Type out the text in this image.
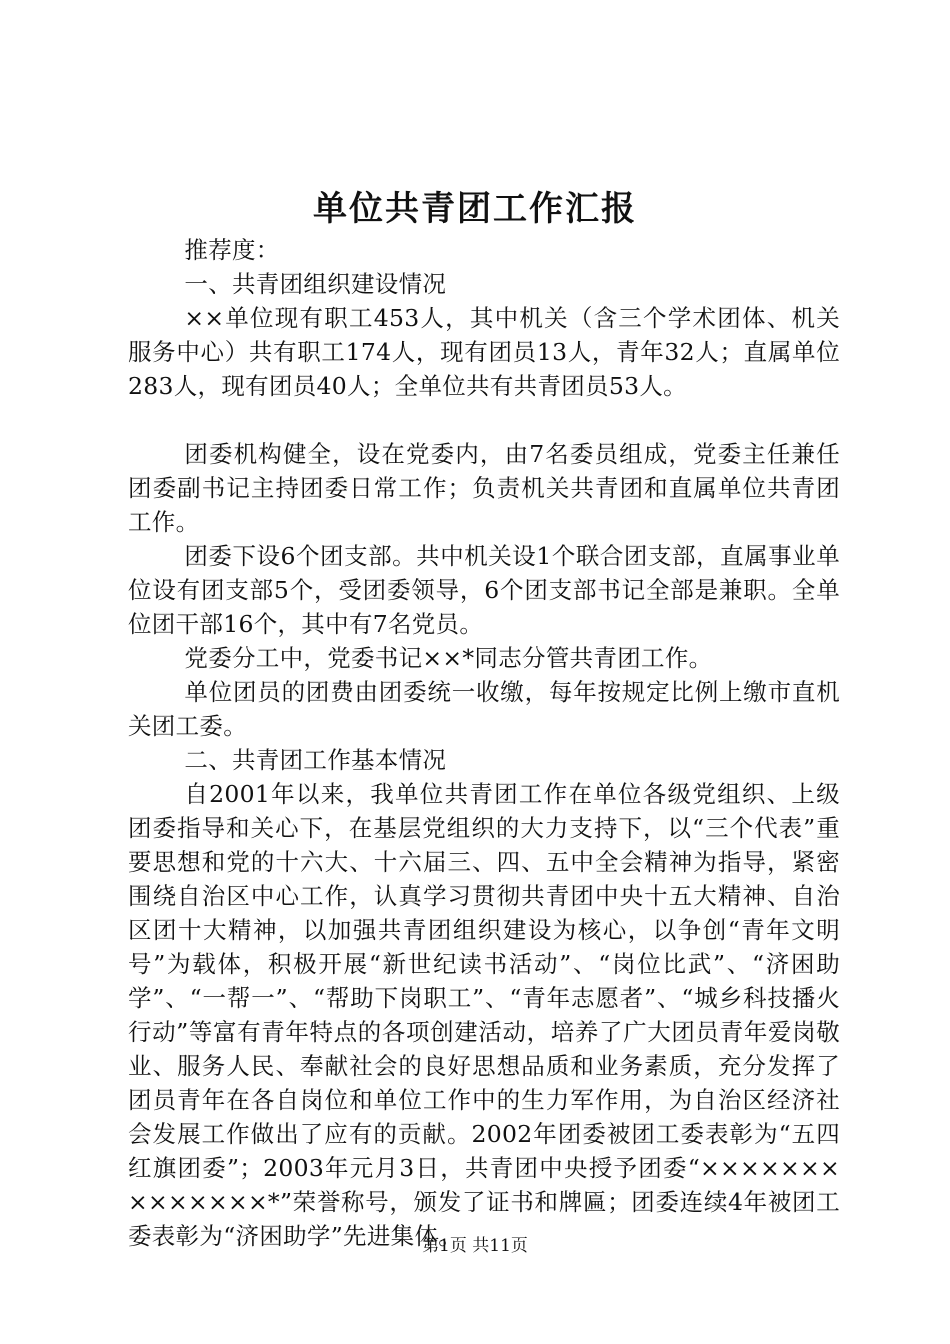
单位共青团工作汇报

推荐度：

一、共青团组织建设情况

××单位现有职工453人，其中机关（含三个学术团体、机关服务中心）共有职工174人，现有团员13人，青年32人；直属单位283人，现有团员40人；全单位共有共青团员53人。

团委机构健全，设在党委内，由7名委员组成，党委主任兼任团委副书记主持团委日常工作；负责机关共青团和直属单位共青团工作。

团委下设6个团支部。共中机关设1个联合团支部，直属事业单位设有团支部5个，受团委领导，6个团支部书记全部是兼职。全单位团干部16个，其中有7名党员。

党委分工中，党委书记××*同志分管共青团工作。

单位团员的团费由团委统一收缴，每年按规定比例上缴市直机关团工委。

二、共青团工作基本情况

自2001年以来，我单位共青团工作在单位各级党组织、上级团委指导和关心下，在基层党组织的大力支持下，以“三个代表”重要思想和党的十六大、十六届三、四、五中全会精神为指导，紧密围绕自治区中心工作，认真学习贯彻共青团中央十五大精神、自治区团十大精神，以加强共青团组织建设为核心，以争创“青年文明号”为载体，积极开展“新世纪读书活动”、“岗位比武”、“济困助学”、“一帮一”、“帮助下岗职工”、“青年志愿者”、“城乡科技播火行动”等富有青年特点的各项创建活动，培养了广大团员青年爱岗敬业、服务人民、奉献社会的良好思想品质和业务素质，充分发挥了团员青年在各自岗位和单位工作中的生力军作用，为自治区经济社会发展工作做出了应有的贡献。2002年团委被团工委表彰为“五四红旗团委”；2003年元月3日，共青团中央授予团委“××××××××××××××*”荣誉称号，颁发了证书和牌匾；团委连续4年被团工委表彰为“济困助学”先进集体。

第1页 共11页
